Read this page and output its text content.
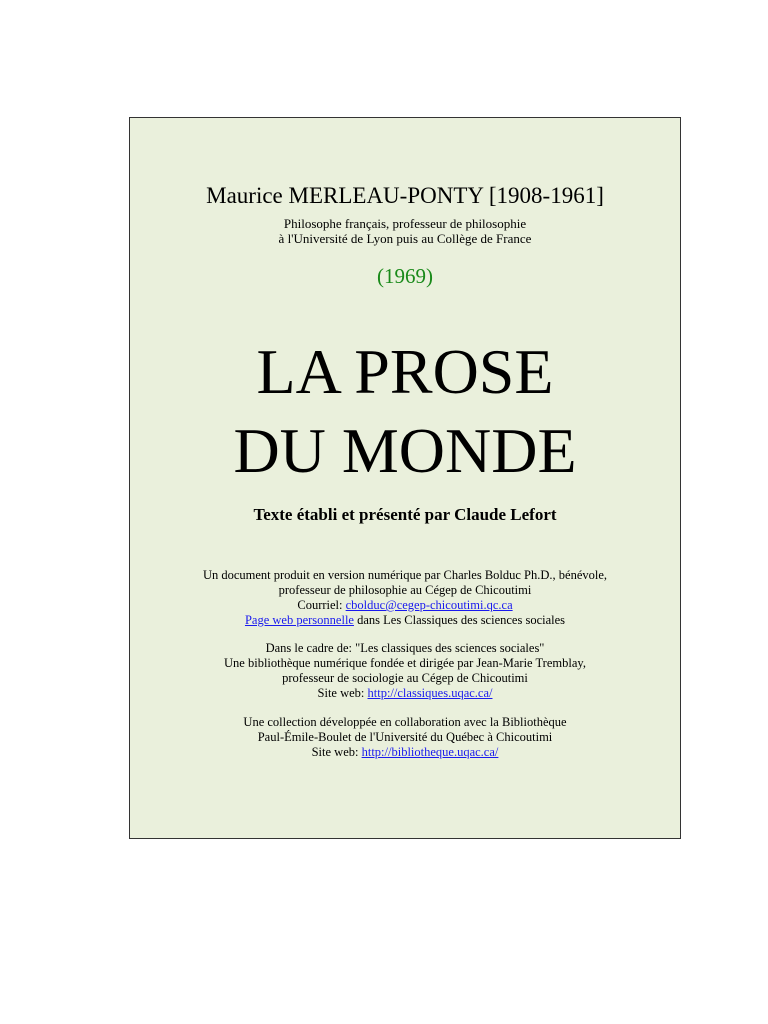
Maurice MERLEAU-PONTY [1908-1961]
Philosophe français, professeur de philosophie
à l'Université de Lyon puis au Collège de France
(1969)
LA PROSE
DU MONDE
Texte établi et présenté par Claude Lefort
Un document produit en version numérique par Charles Bolduc Ph.D., bénévole,
professeur de philosophie au Cégep de Chicoutimi
Courriel: cbolduc@cegep-chicoutimi.qc.ca
Page web personnelle dans Les Classiques des sciences sociales
Dans le cadre de: "Les classiques des sciences sociales"
Une bibliothèque numérique fondée et dirigée par Jean-Marie Tremblay,
professeur de sociologie au Cégep de Chicoutimi
Site web: http://classiques.uqac.ca/
Une collection développée en collaboration avec la Bibliothèque
Paul-Émile-Boulet de l'Université du Québec à Chicoutimi
Site web: http://bibliotheque.uqac.ca/
